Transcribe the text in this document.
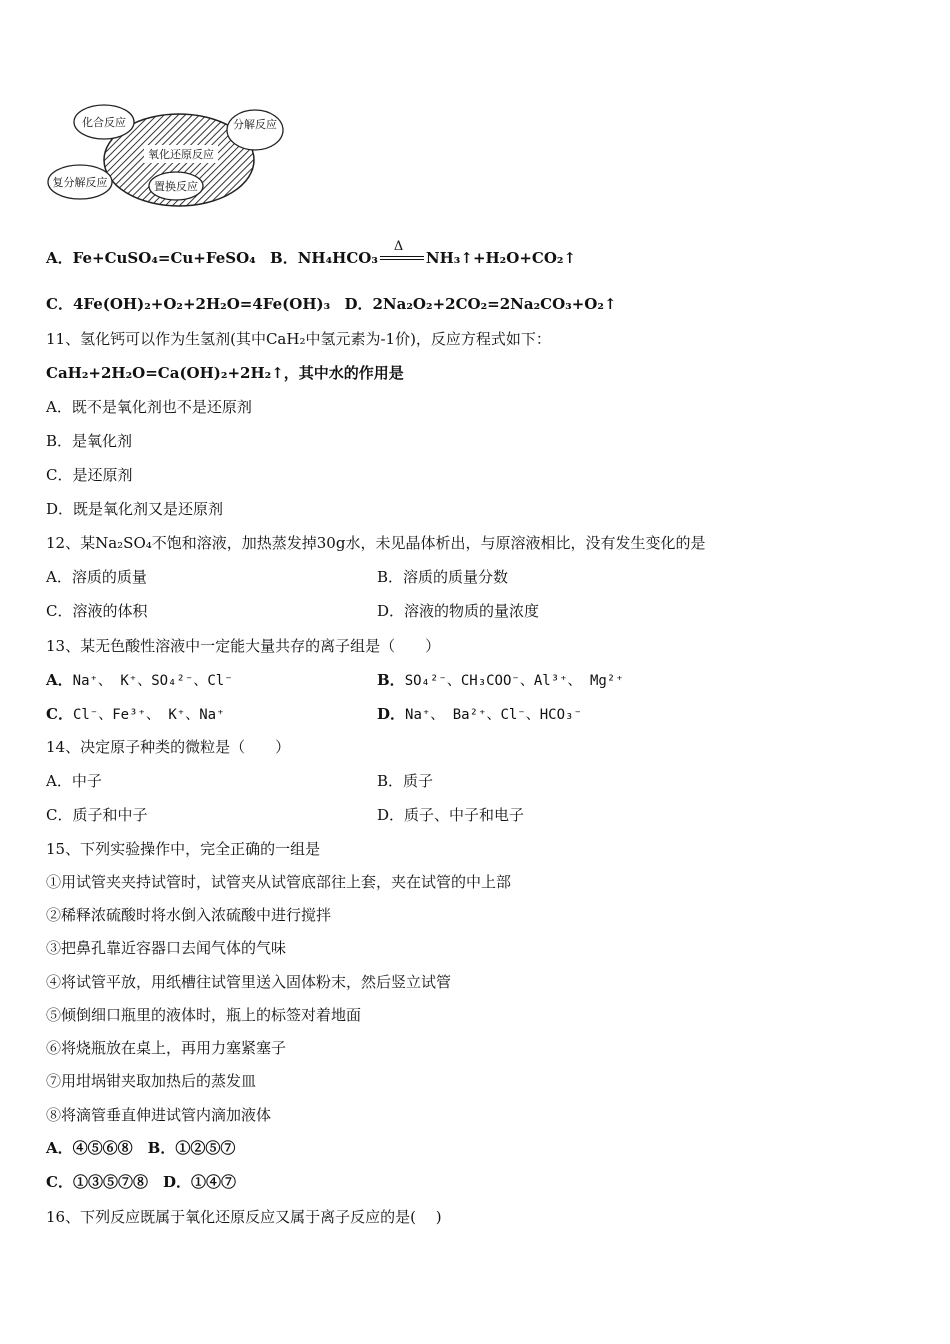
化合反应	分解反应
氧化还原反应
复分解反应	置换反应
A．Fe+CuSO₄=Cu+FeSO₄ B．NH₄HCO₃
Δ
NH₃↑+H₂O+CO₂↑
C．4Fe(OH)₂+O₂+2H₂O=4Fe(OH)₃ D．2Na₂O₂+2CO₂=2Na₂CO₃+O₂↑
11、氢化钙可以作为生氢剂(其中CaH₂中氢元素为-1价)，反应方程式如下：
CaH₂+2H₂O=Ca(OH)₂+2H₂↑，其中水的作用是
A．既不是氧化剂也不是还原剂
B．是氧化剂
C．是还原剂
D．既是氧化剂又是还原剂
12、某Na₂SO₄不饱和溶液，加热蒸发掉30g水，未见晶体析出，与原溶液相比，没有发生变化的是
A．溶质的质量	B．溶质的质量分数
C．溶液的体积	D．溶液的物质的量浓度
13、某无色酸性溶液中一定能大量共存的离子组是（　　）
A．Na⁺、 K⁺、SO₄²⁻、Cl⁻	B．SO₄²⁻、CH₃COO⁻、Al³⁺、 Mg²⁺
C．Cl⁻、Fe³⁺、 K⁺、Na⁺	D．Na⁺、 Ba²⁺、Cl⁻、HCO₃⁻
14、决定原子种类的微粒是（　　）
A．中子	B．质子
C．质子和中子	D．质子、中子和电子
15、下列实验操作中，完全正确的一组是
①用试管夹夹持试管时，试管夹从试管底部往上套，夹在试管的中上部
②稀释浓硫酸时将水倒入浓硫酸中进行搅拌
③把鼻孔靠近容器口去闻气体的气味
④将试管平放，用纸槽往试管里送入固体粉末，然后竖立试管
⑤倾倒细口瓶里的液体时，瓶上的标签对着地面
⑥将烧瓶放在桌上，再用力塞紧塞子
⑦用坩埚钳夹取加热后的蒸发皿
⑧将滴管垂直伸进试管内滴加液体
A．④⑤⑥⑧　B．①②⑤⑦
C．①③⑤⑦⑧　D．①④⑦
16、下列反应既属于氧化还原反应又属于离子反应的是(　 )
